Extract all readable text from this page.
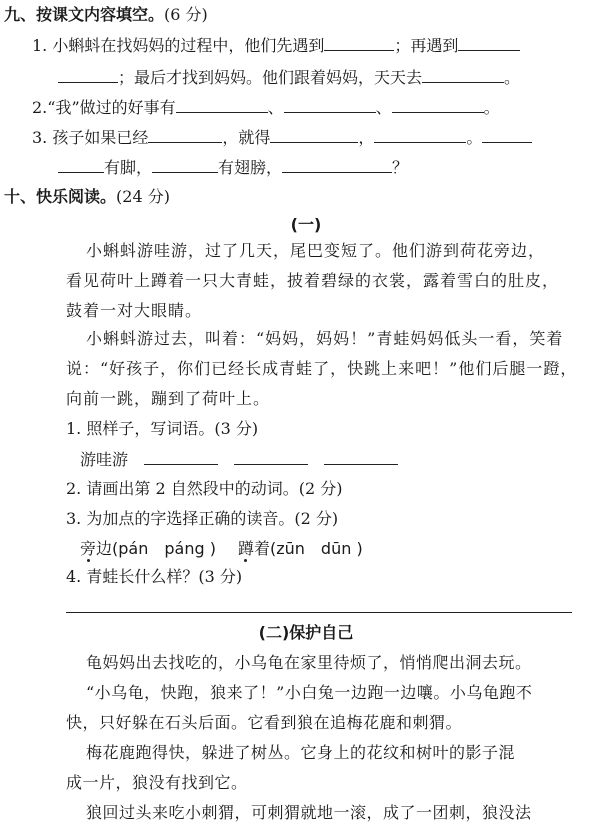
九、按课文内容填空。(6 分)
1. 小蝌蚪在找妈妈的过程中，他们先遇到	；再遇到
；最后才找到妈妈。他们跟着妈妈，天天去	。
2.“我”做过的好事有	、	、	。
3. 孩子如果已经	，就得	，	。
有脚，	有翅膀，	？
十、快乐阅读。(24 分)
(一)
小蝌蚪游哇游，过了几天，尾巴变短了。他们游到荷花旁边，
看见荷叶上蹲着一只大青蛙，披着碧绿的衣裳，露着雪白的肚皮，
鼓着一对大眼睛。
小蝌蚪游过去，叫着：“妈妈，妈妈！”青蛙妈妈低头一看，笑着
说：“好孩子，你们已经长成青蛙了，快跳上来吧！”他们后腿一蹬，
向前一跳，蹦到了荷叶上。
1. 照样子，写词语。(3 分)
游哇游
2. 请画出第 2 自然段中的动词。(2 分)
3. 为加点的字选择正确的读音。(2 分)
旁边(pán　páng ) 蹲着(zūn　dūn )
4. 青蛙长什么样？(3 分)
(二)保护自己
龟妈妈出去找吃的，小乌龟在家里待烦了，悄悄爬出洞去玩。
“小乌龟，快跑，狼来了！”小白兔一边跑一边嚷。小乌龟跑不
快，只好躲在石头后面。它看到狼在追梅花鹿和刺猬。
梅花鹿跑得快，躲进了树丛。它身上的花纹和树叶的影子混
成一片，狼没有找到它。
狼回过头来吃小刺猬，可刺猬就地一滚，成了一团刺，狼没法
